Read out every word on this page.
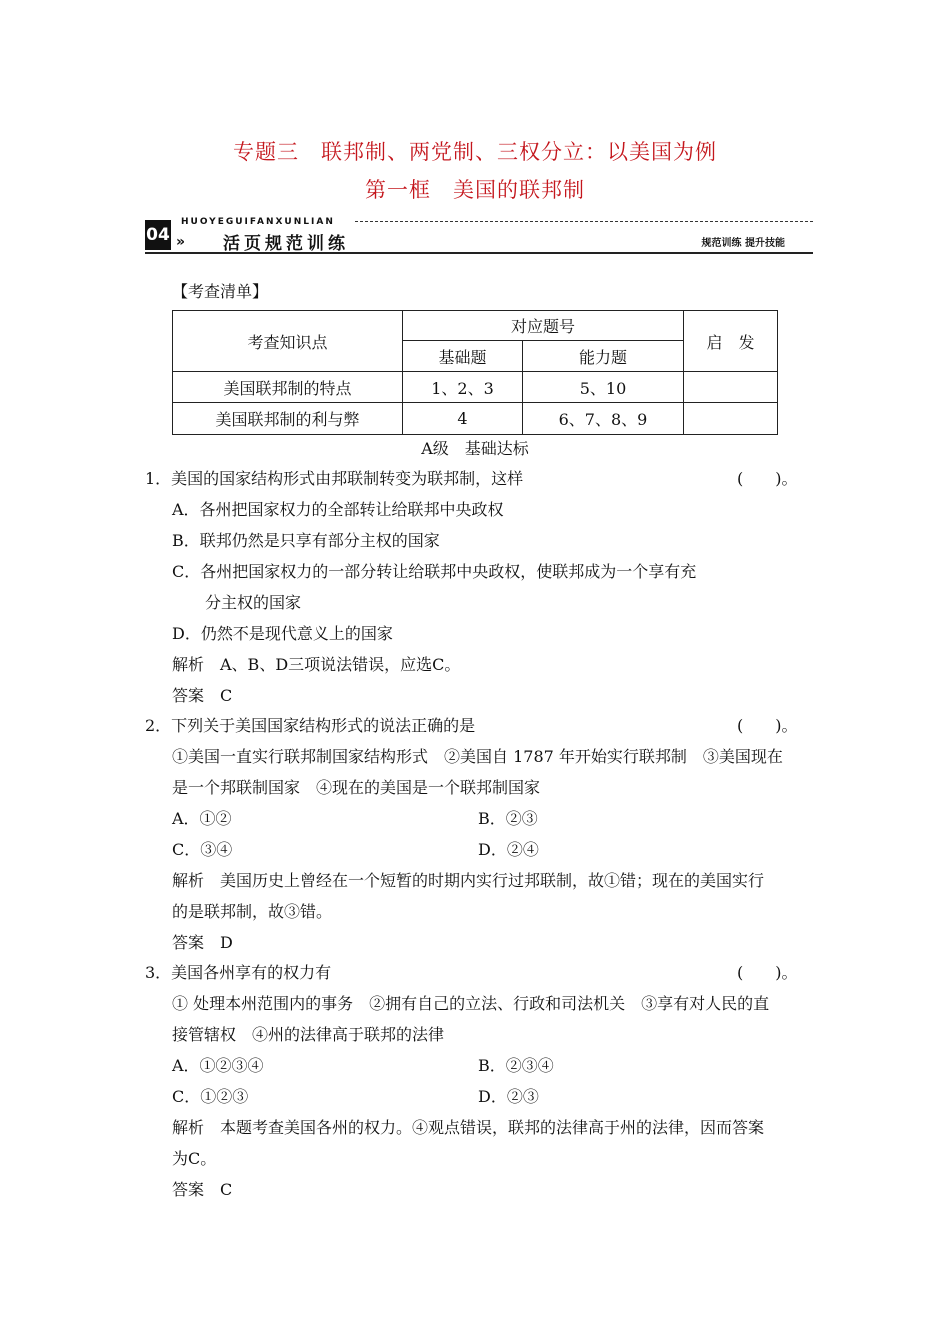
专题三　联邦制、两党制、三权分立：以美国为例
第一框　美国的联邦制
04 »
HUOYEGUIFANXUNLIAN
活页规范训练	规范训练 提升技能
【考查清单】
考查知识点	对应题号		启　发
	基础题	能力题	
美国联邦制的特点	1、2、3	5、10	
美国联邦制的利与弊	4	6、7、8、9	
A级　基础达标
1．美国的国家结构形式由邦联制转变为联邦制，这样	(　　)。
A．各州把国家权力的全部转让给联邦中央政权
B．联邦仍然是只享有部分主权的国家
C．各州把国家权力的一部分转让给联邦中央政权，使联邦成为一个享有充
分主权的国家
D．仍然不是现代意义上的国家
解析　A、B、D三项说法错误，应选C。
答案　C
2．下列关于美国国家结构形式的说法正确的是	(　　)。
①美国一直实行联邦制国家结构形式　②美国自 1787 年开始实行联邦制　③美国现在
是一个邦联制国家　④现在的美国是一个联邦制国家
A．①②	B．②③
C．③④	D．②④
解析　美国历史上曾经在一个短暂的时期内实行过邦联制，故①错；现在的美国实行
的是联邦制，故③错。
答案　D
3．美国各州享有的权力有	(　　)。
① 处理本州范围内的事务　②拥有自己的立法、行政和司法机关　③享有对人民的直
接管辖权　④州的法律高于联邦的法律
A．①②③④	B．②③④
C．①②③	D．②③
解析　本题考查美国各州的权力。④观点错误，联邦的法律高于州的法律，因而答案
为C。
答案　C
